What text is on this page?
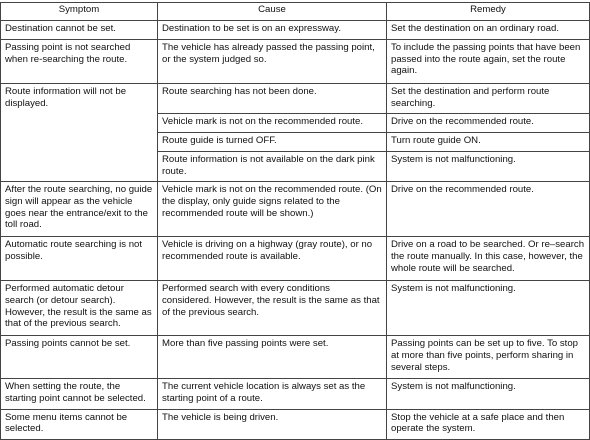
Symptom	Cause	Remedy
Destination cannot be set.	Destination to be set is on an expressway.	Set the destination on an ordinary road.
Passing point is not searched when re-searching the route.	The vehicle has already passed the passing point, or the system judged so.	To include the passing points that have been passed into the route again, set the route again.
Route information will not be displayed.	Route searching has not been done.	Set the destination and perform route searching.
	Vehicle mark is not on the recommended route.	Drive on the recommended route.
	Route guide is turned OFF.	Turn route guide ON.
	Route information is not available on the dark pink route.	System is not malfunctioning.
After the route searching, no guide sign will appear as the vehicle goes near the entrance/exit to the toll road.	Vehicle mark is not on the recommended route. (On the display, only guide signs related to the recommended route will be shown.)	Drive on the recommended route.
Automatic route searching is not possible.	Vehicle is driving on a highway (gray route), or no recommended route is available.	Drive on a road to be searched. Or re–search the route manually. In this case, however, the whole route will be searched.
Performed automatic detour search (or detour search). However, the result is the same as that of the previous search.	Performed search with every conditions considered. However, the result is the same as that of the previous search.	System is not malfunctioning.
Passing points cannot be set.	More than five passing points were set.	Passing points can be set up to five. To stop at more than five points, perform sharing in several steps.
When setting the route, the starting point cannot be selected.	The current vehicle location is always set as the starting point of a route.	System is not malfunctioning.
Some menu items cannot be selected.	The vehicle is being driven.	Stop the vehicle at a safe place and then operate the system.
